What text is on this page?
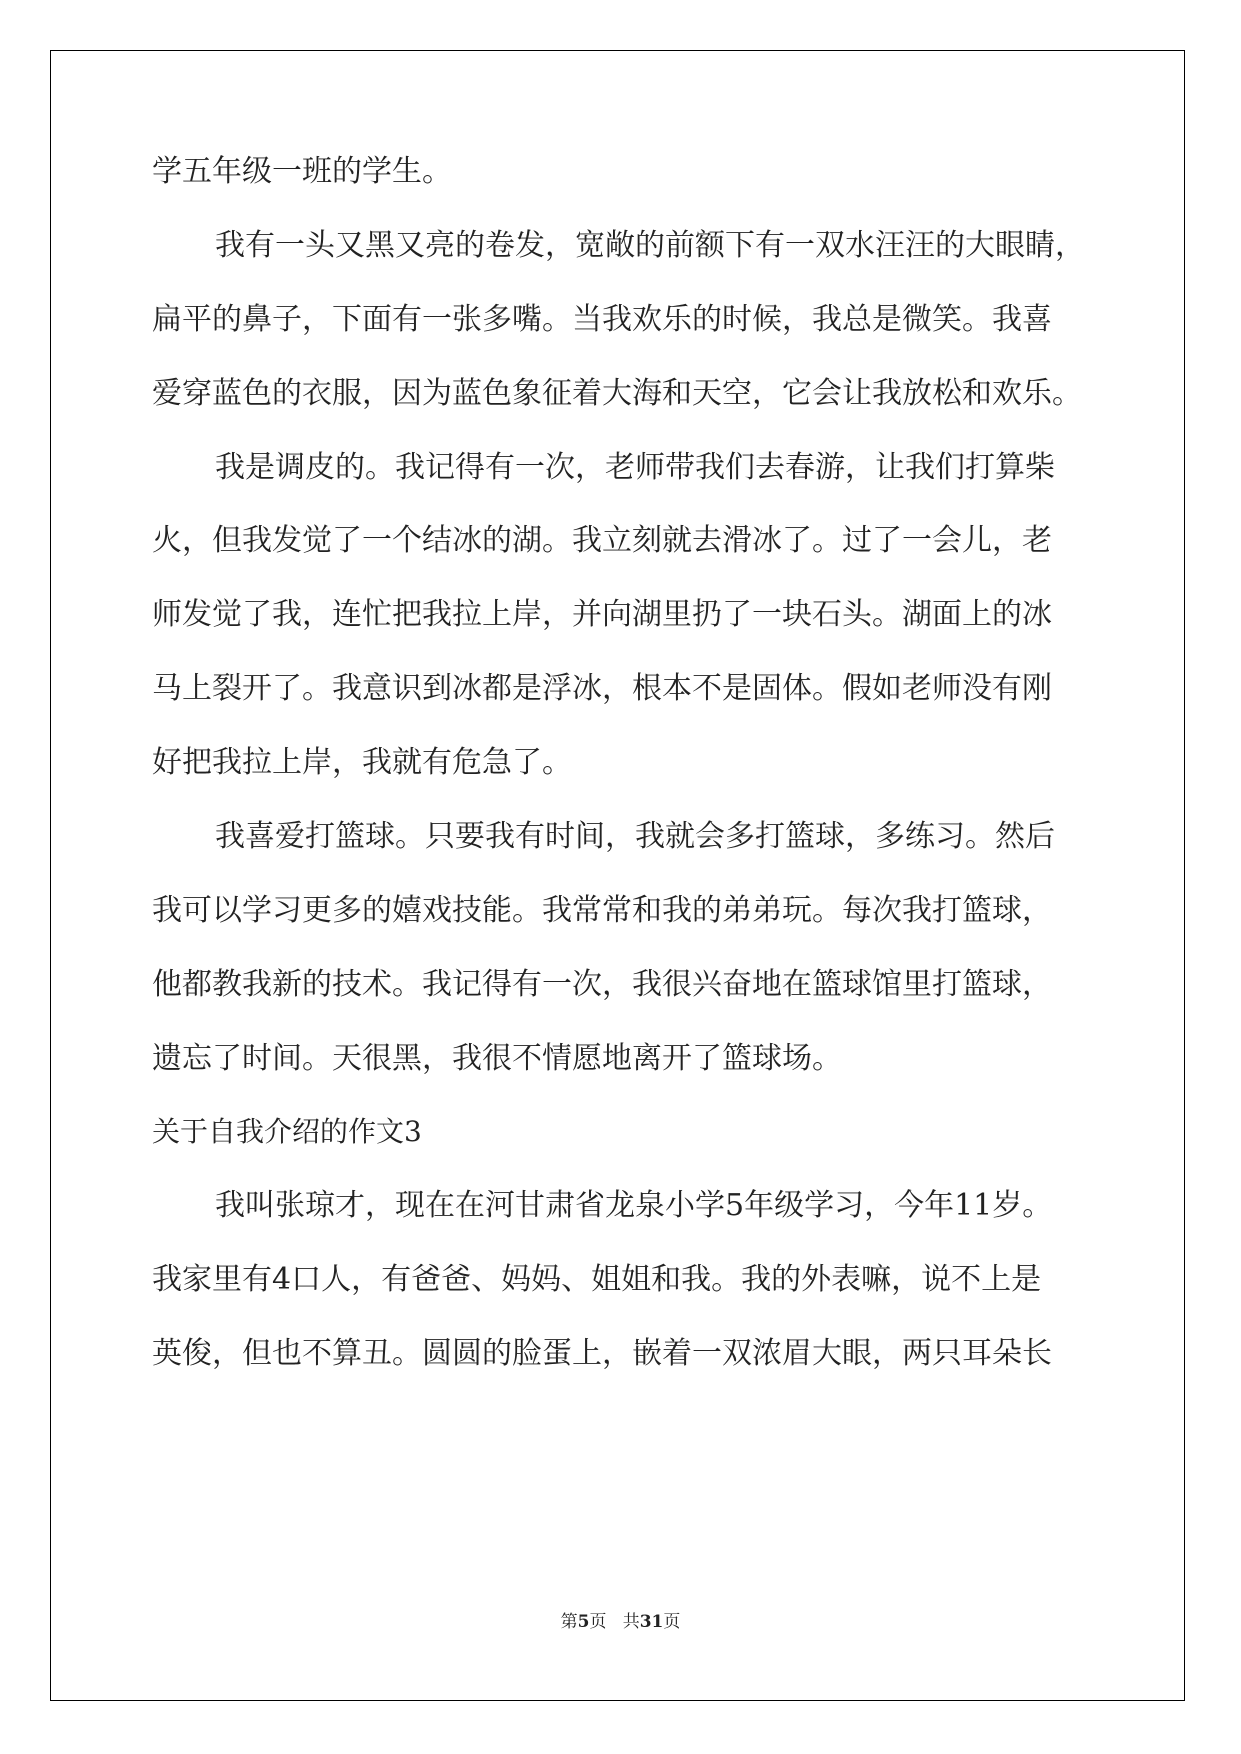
学五年级一班的学生。
我有一头又黑又亮的卷发，宽敞的前额下有一双水汪汪的大眼睛，
扁平的鼻子，下面有一张多嘴。当我欢乐的时候，我总是微笑。我喜
爱穿蓝色的衣服，因为蓝色象征着大海和天空，它会让我放松和欢乐。
我是调皮的。我记得有一次，老师带我们去春游，让我们打算柴
火，但我发觉了一个结冰的湖。我立刻就去滑冰了。过了一会儿，老
师发觉了我，连忙把我拉上岸，并向湖里扔了一块石头。湖面上的冰
马上裂开了。我意识到冰都是浮冰，根本不是固体。假如老师没有刚
好把我拉上岸，我就有危急了。
我喜爱打篮球。只要我有时间，我就会多打篮球，多练习。然后
我可以学习更多的嬉戏技能。我常常和我的弟弟玩。每次我打篮球，
他都教我新的技术。我记得有一次，我很兴奋地在篮球馆里打篮球，
遗忘了时间。天很黑，我很不情愿地离开了篮球场。
关于自我介绍的作文3
我叫张琼才，现在在河甘肃省龙泉小学5年级学习，今年11岁。
我家里有4口人，有爸爸、妈妈、姐姐和我。我的外表嘛，说不上是
英俊，但也不算丑。圆圆的脸蛋上，嵌着一双浓眉大眼，两只耳朵长
第5页 共31页
